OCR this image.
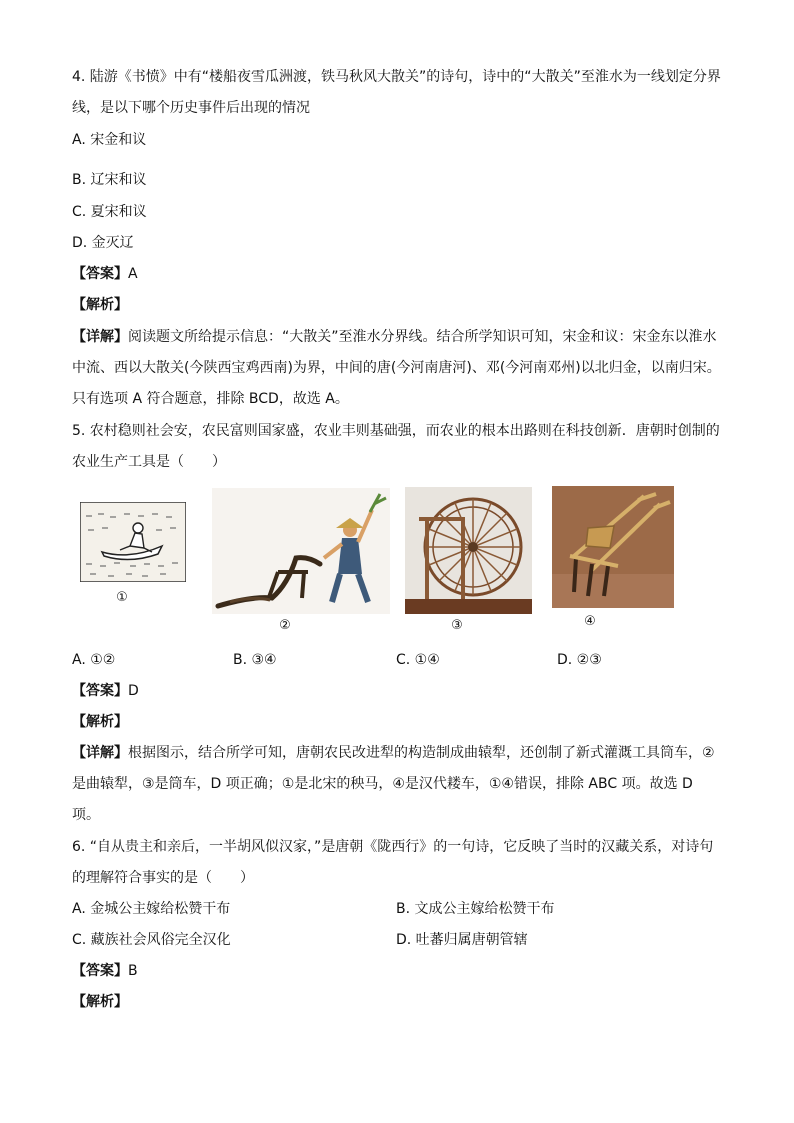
4. 陆游《书愤》中有“楼船夜雪瓜洲渡，铁马秋风大散关”的诗句，诗中的“大散关”至淮水为一线划定分界线，是以下哪个历史事件后出现的情况
A. 宋金和议
B. 辽宋和议
C. 夏宋和议
D. 金灭辽
【答案】A
【解析】
【详解】阅读题文所给提示信息：“大散关”至淮水分界线。结合所学知识可知，宋金和议：宋金东以淮水中流、西以大散关(今陕西宝鸡西南)为界，中间的唐(今河南唐河)、邓(今河南邓州)以北归金，以南归宋。只有选项 A 符合题意，排除 BCD，故选 A。
5. 农村稳则社会安，农民富则国家盛，农业丰则基础强，而农业的根本出路则在科技创新．唐朝时创制的农业生产工具是（　　）
①
②	③	④
A. ①②	B. ③④	C. ①④	D. ②③
【答案】D
【解析】
【详解】根据图示，结合所学可知，唐朝农民改进犁的构造制成曲辕犁，还创制了新式灌溉工具筒车，②是曲辕犁，③是筒车，D 项正确；①是北宋的秧马，④是汉代耧车，①④错误，排除 ABC 项。故选 D 项。
6. “自从贵主和亲后，一半胡风似汉家，”是唐朝《陇西行》的一句诗，它反映了当时的汉藏关系，对诗句的理解符合事实的是（　　）
A. 金城公主嫁给松赞干布	B. 文成公主嫁给松赞干布
C. 藏族社会风俗完全汉化	D. 吐蕃归属唐朝管辖
【答案】B
【解析】
